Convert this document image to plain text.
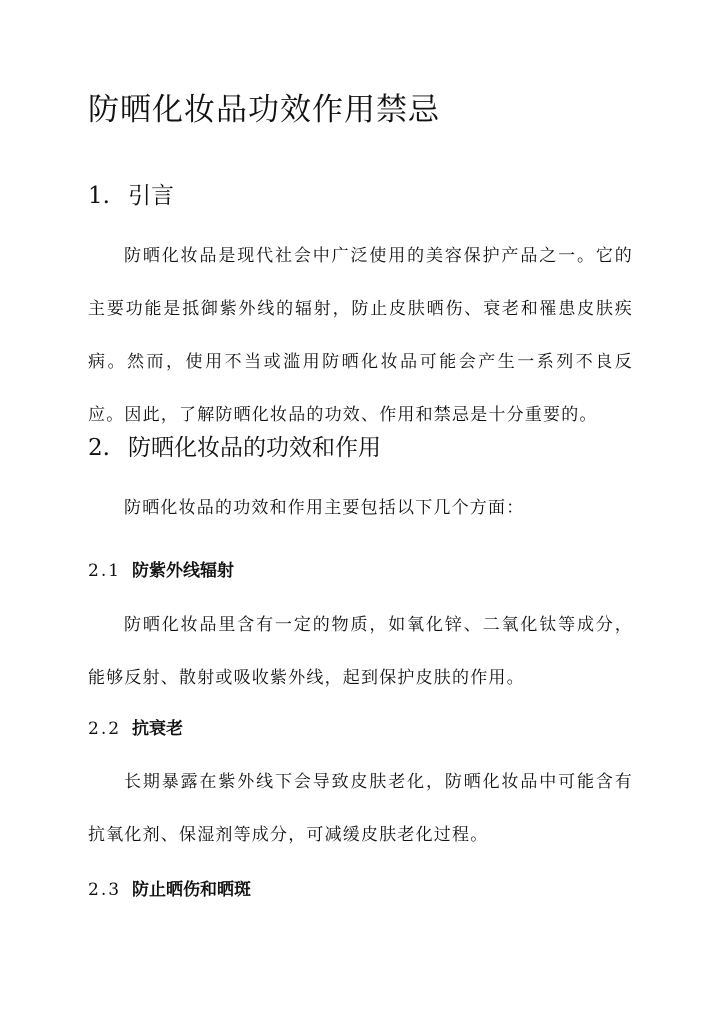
防晒化妆品功效作用禁忌
1. 引言

防晒化妆品是现代社会中广泛使用的美容保护产品之一。它的主要功能是抵御紫外线的辐射，防止皮肤晒伤、衰老和罹患皮肤疾病。然而，使用不当或滥用防晒化妆品可能会产生一系列不良反应。因此，了解防晒化妆品的功效、作用和禁忌是十分重要的。

2. 防晒化妆品的功效和作用

防晒化妆品的功效和作用主要包括以下几个方面：

2.1 防紫外线辐射

防晒化妆品里含有一定的物质，如氧化锌、二氧化钛等成分，能够反射、散射或吸收紫外线，起到保护皮肤的作用。

2.2 抗衰老

长期暴露在紫外线下会导致皮肤老化，防晒化妆品中可能含有抗氧化剂、保湿剂等成分，可减缓皮肤老化过程。

2.3 防止晒伤和晒斑
